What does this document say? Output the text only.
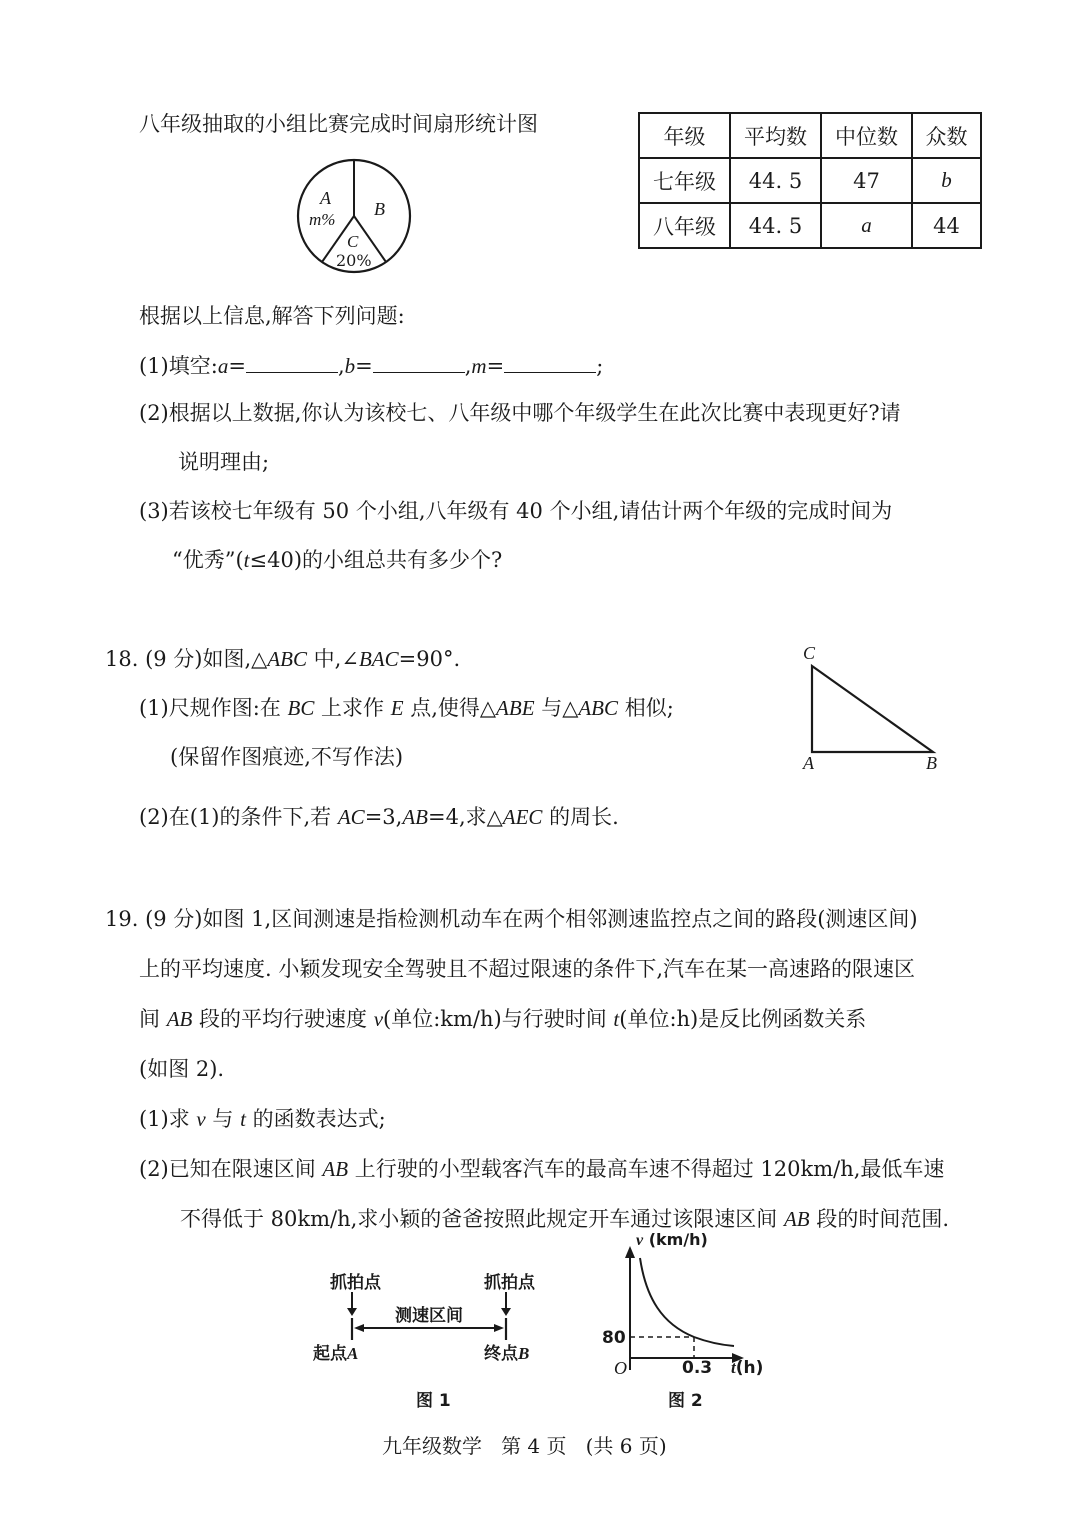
八年级抽取的小组比赛完成时间扇形统计图
A
m%
B
C
20%
年级	平均数	中位数	众数
七年级	44. 5	47	b
八年级	44. 5	a	44
根据以上信息,解答下列问题:
(1)填空:a=	,b=	,m=	;
(2)根据以上数据,你认为该校七、八年级中哪个年级学生在此次比赛中表现更好?请
说明理由;
(3)若该校七年级有 50 个小组,八年级有 40 个小组,请估计两个年级的完成时间为
“优秀”(t≤40)的小组总共有多少个?
18. (9 分)如图,△ABC 中,∠BAC=90°.
(1)尺规作图:在 BC 上求作 E 点,使得△ABE 与△ABC 相似;
(保留作图痕迹,不写作法)
(2)在(1)的条件下,若 AC=3,AB=4,求△AEC 的周长.
C
A	B
19. (9 分)如图 1,区间测速是指检测机动车在两个相邻测速监控点之间的路段(测速区间)
上的平均速度. 小颖发现安全驾驶且不超过限速的条件下,汽车在某一高速路的限速区
间 AB 段的平均行驶速度 v(单位:km/h)与行驶时间 t(单位:h)是反比例函数关系
(如图 2).
(1)求 v 与 t 的函数表达式;
(2)已知在限速区间 AB 上行驶的小型载客汽车的最高车速不得超过 120km/h,最低车速
不得低于 80km/h,求小颖的爸爸按照此规定开车通过该限速区间 AB 段的时间范围.
抓拍点	抓拍点
测速区间
起点A	终点B
图 1
v (km/h)
80
O	0.3 t(h)
图 2
九年级数学   第 4 页   (共 6 页)
